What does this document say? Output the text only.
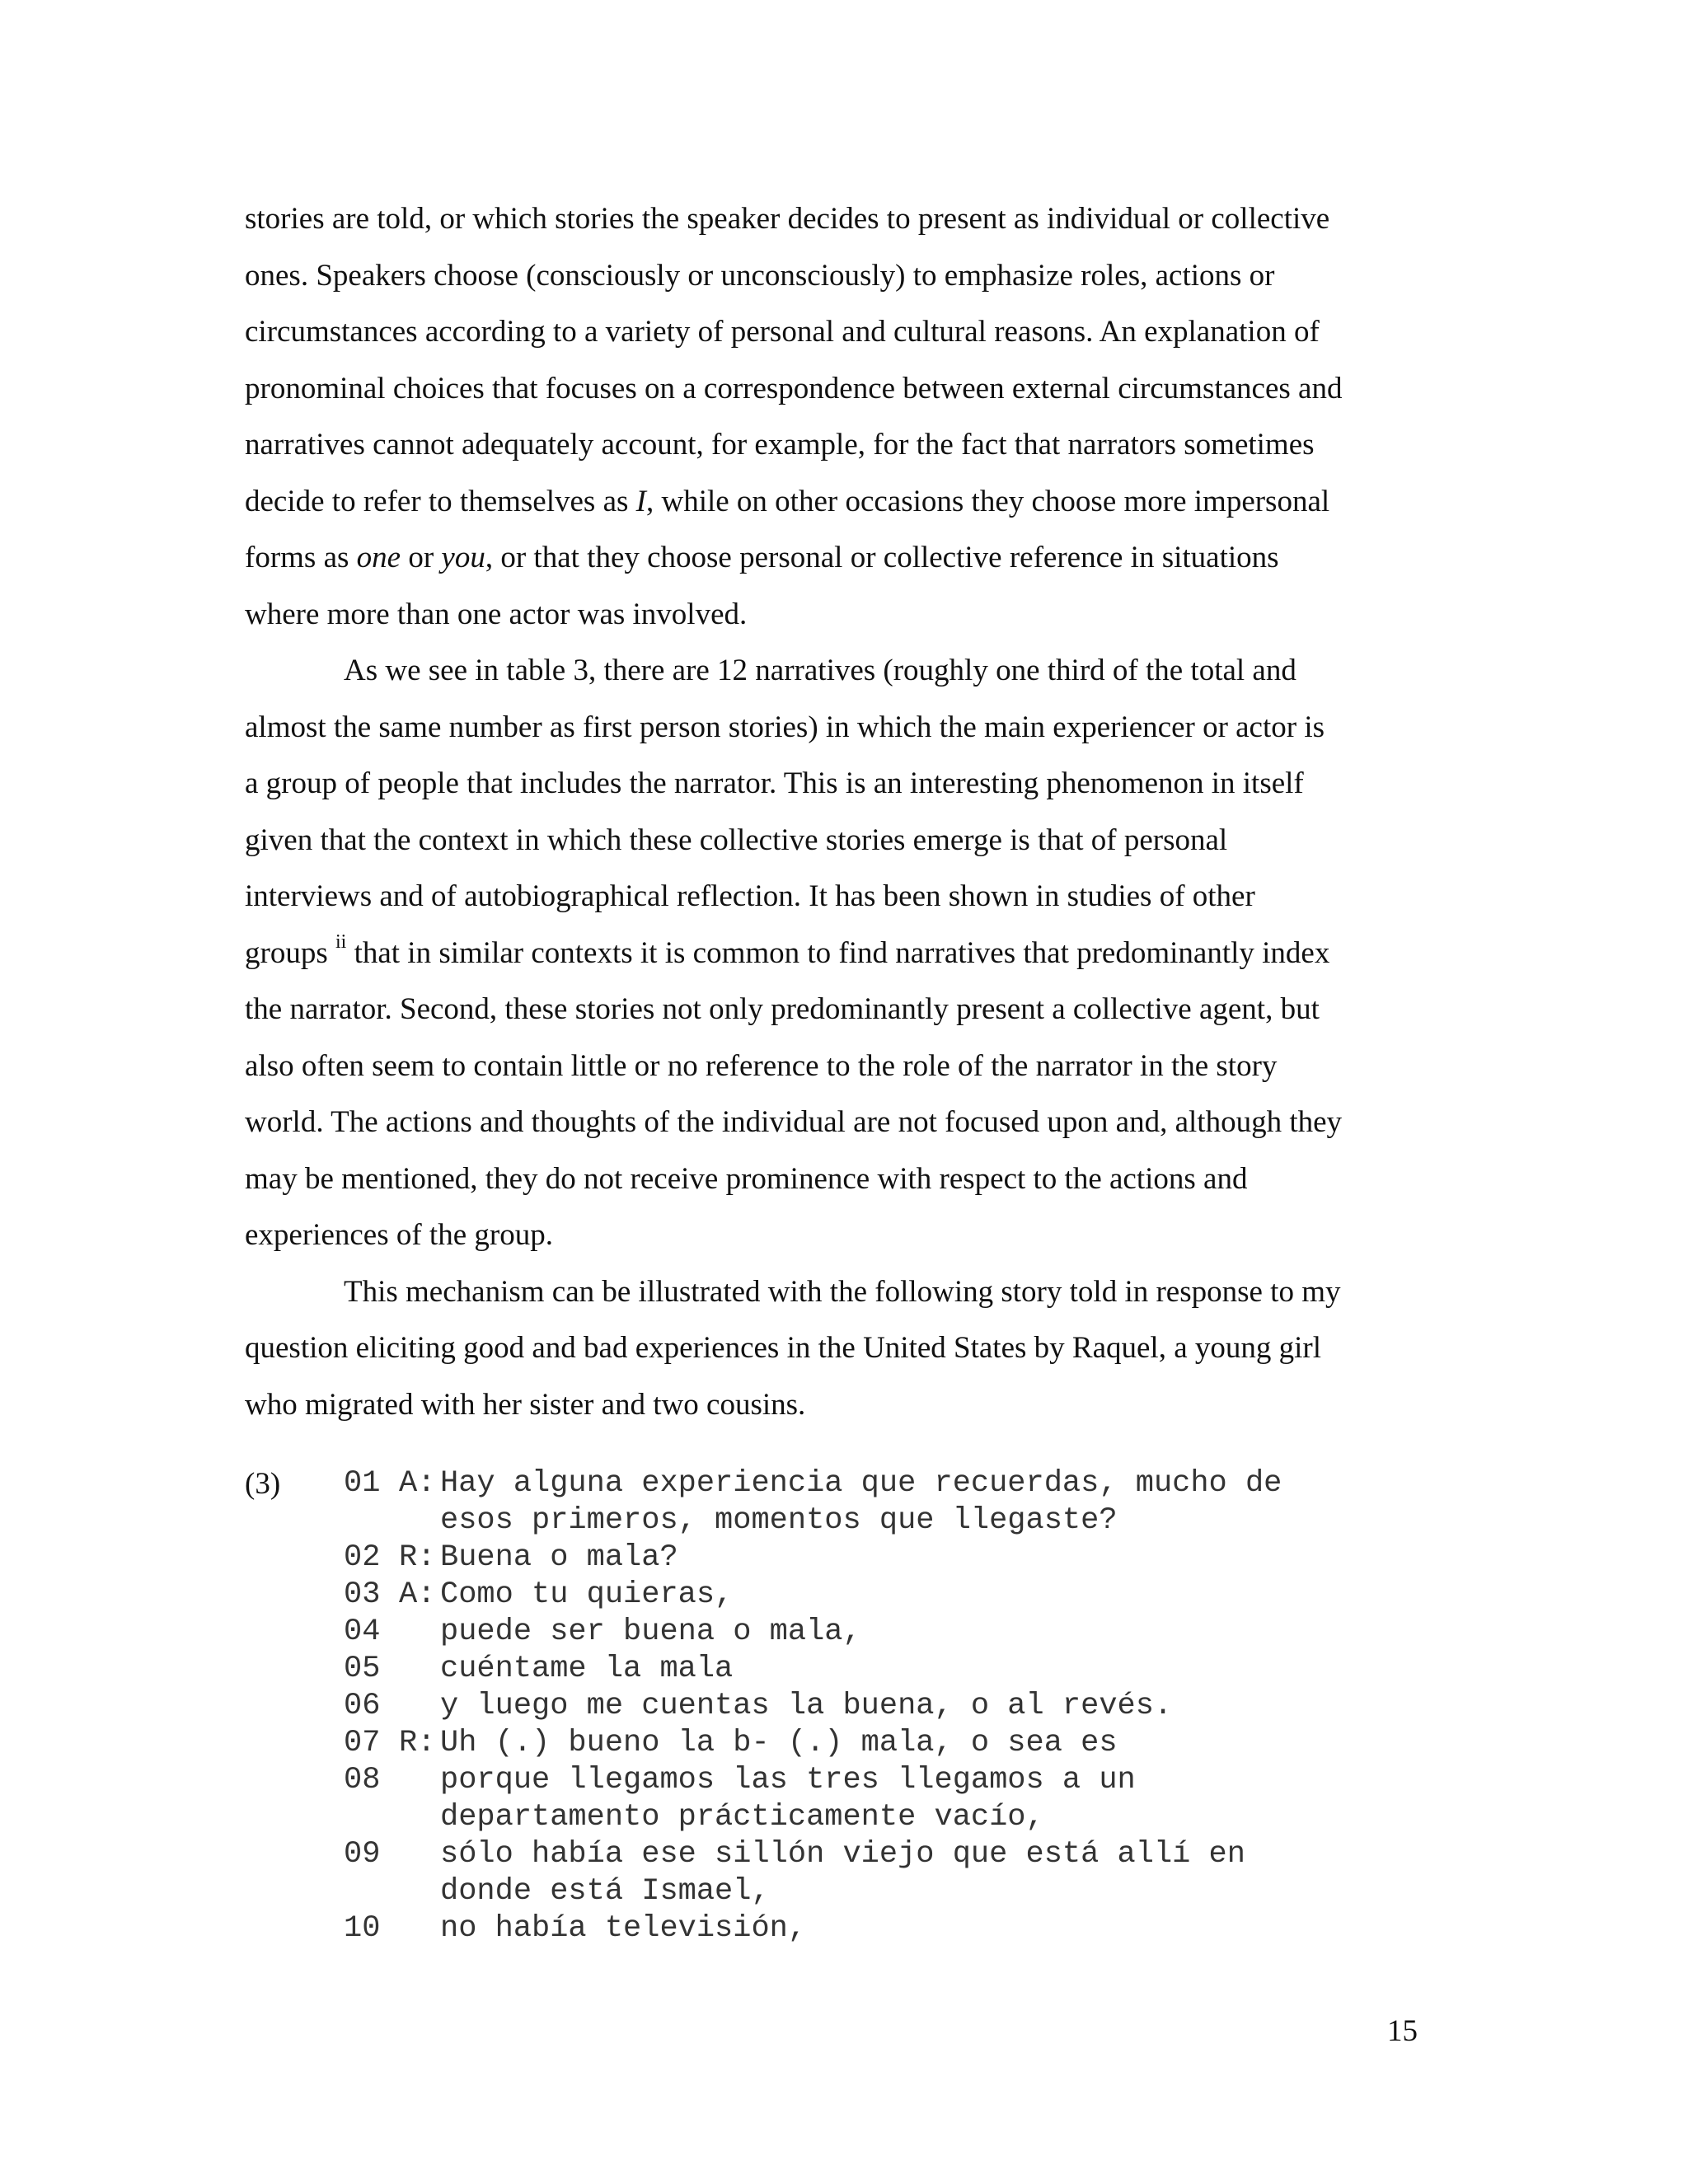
stories are told, or which stories the speaker decides to present as individual or collective
ones. Speakers choose (consciously or unconsciously) to emphasize roles, actions or
circumstances according to a variety of personal and cultural reasons. An explanation of
pronominal choices that focuses on a correspondence between external circumstances and
narratives cannot adequately account, for example, for the fact that narrators sometimes
decide to refer to themselves as I, while on other occasions they choose more impersonal
forms as one or you, or that they choose personal or collective reference in situations
where more than one actor was involved.

As we see in table 3, there are 12 narratives (roughly one third of the total and
almost the same number as first person stories) in which the main experiencer or actor is
a group of people that includes the narrator. This is an interesting phenomenon in itself
given that the context in which these collective stories emerge is that of personal
interviews and of autobiographical reflection. It has been shown in studies of other
groups $^{ii}$ that in similar contexts it is common to find narratives that predominantly index
the narrator. Second, these stories not only predominantly present a collective agent, but
also often seem to contain little or no reference to the role of the narrator in the story
world. The actions and thoughts of the individual are not focused upon and, although they
may be mentioned, they do not receive prominence with respect to the actions and
experiences of the group.

This mechanism can be illustrated with the following story told in response to my
question eliciting good and bad experiences in the United States by Raquel, a young girl
who migrated with her sister and two cousins.

(3) 01 A: Hay alguna experiencia que recuerdas, mucho de
esos primeros, momentos que llegaste?
02 R: Buena o mala?
03 A: Como tu quieras,
04 puede ser buena o mala,
05 cuéntame la mala
06 y luego me cuentas la buena, o al revés.
07 R: Uh (.) bueno la b- (.) mala, o sea es
08 porque llegamos las tres llegamos a un
departamento prácticamente vacío,
09 sólo había ese sillón viejo que está allí en
donde está Ismael,
10 no había televisión,
15
